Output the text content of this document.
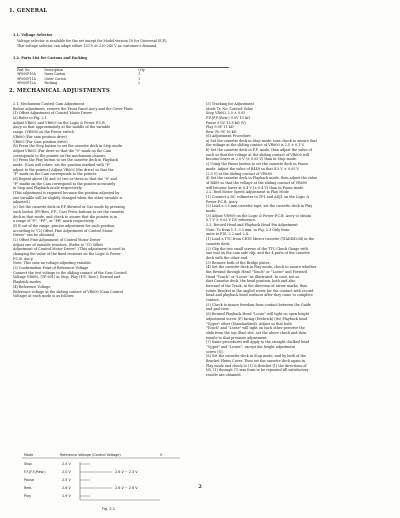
1. GENERAL
1.1. Voltage Selector
Voltage selector is available for the set except for Model version 10 for Universal (E,F).
This voltage selector can adapt either 120 V or 220-240 V as customer's demand.
1.2. Parts List for Cartons and Packing
Part No.	Description	Q'ty
9P000P10A	Inner Carton	1
9P000P11A	Outer Carton	1
9P000P12A	Packing	2
2. MECHANICAL ADJUSTMENTS

2.1. Mechanism Control Cam Adjustment

Before adjustment, remove the Front Panel Ass'y and the Cover Plate.

(1) Offset Adjustment of Control Motor Driver

(a) Refer to Fig. 2.1

Adjust VR602 and VR603 on the Logic & Power P.C.B.

Ass'y so that approximately at the middle of the variable

range. (VR600 on the Power switch.

VR600 (Far cam position drive)

VR603 (Far Cam position drive)

(b) Press the Stop button to set the cassette deck in Stop mode.

Adjust VR603 (Far drive so that the "0" mark on the Cam

corresponds to the pointer on the mechanism chassis.

(c) Press the Play button to set the cassette deck in Playback

mode. (Cam will rotate, set the position marked with "P"

adjust to the pointer.) Adjust VR602 (Far drive) so that the

"P" mark on the Cam corresponds to the pointer.

(d) Repeat above (b) and (c) two or three so that the "0" and

"P" marks on the Cam correspond to the pointer accurately

in Stop and Playback mode respectively.

(This adjustment is required because the position adjusted by

one variable will be slightly changed when the other variable is

adjusted.)

(e) Set the cassette deck in F.F./Rewind or Cue mode by pressing

each button (FF/Rew, F.F., Cue) Press buttons to set the cassette

deck in that mode, and check to assure that the pointer is in

a range of "F", "FF", or "FR" mark respectively.

(f) If out of the range, precise adjustment for each position,

according to "(2) Offset Fine Adjustment of Control Motor

Driver" can be obtained.

(2) Offset Fine Adjustment of Control Motor Driver

Adjust one of variable resistors. (Refer to "(1) Offset

Adjustment of Control Motor Driver".) This adjustment is used to

changing the value of the fixed resistors on the Logic & Power

P.C.B. Ass'y.

Note: This case no voltage adjusting variable.

(3) Confirmation Point of Reference Voltage

Connect the test voltage to the sliding contact of the Cam Control

Voltage VR600, (TP 601) in Stop, Play (F.F., Rew.), Rewind and

Playback modes.

(4) Reference Voltage

Reference voltage at the sliding contact of VR600 (Cam Control

Voltage) at each mode is as follows:

(5) Tracking for Adjustment

Mode Tr. No. Control Value

Stop VR602 2.5 ± 0.05

F.F.(F.F./Rew.) 9.0V 13 kΩ

Pause 9.0V 13.8 kΩ (V)

Play 9.0V 11 kΩ

Rew. Fo 9V 10 kΩ

(6) Adjustment Procedure

a) Set the cassette deck in Stop mode, turn check to ensure that

the voltage at the sliding contact of VR600 is 2.5 ± 0.1 V.

b) Set the cassette deck in F.F. mode, then adjust the value of

each so that the voltage at the sliding contact of VR600 will

become lower at 2.0 V (± 0.05 V) than in Stop mode.

c) Using the Pause button to set the cassette deck in Pause

mode. Adjust the value of R449 so that 4.5 V ± 0.05 V

(2.5 V) at the sliding contact of VR600.

d) Set the cassette deck in Playback mode, then adjust the value

of R469 so that the voltage at the sliding contact of VR600

will become lower at 0.4 V (± 0.4 V) than in Pause mode.

2.2. Reel Motor Speed Adjustment in Play Mode

(1) Connect a DC voltmeter to TP1 and ADJ1 on the Logic &

Power P.C.B. Ass'y.

(2) Load a 3.5 mm cassette tape, set the cassette deck in Play

mode.

(3) Adjust VR909 on the Logic & Power P.C.B. Ass'y to obtain

0.7 V ± 0.02 V DC reference.

2.3. Record Head and Playback Head Pin Adjustment

Note: To from 1.1. 3.5 mm. to Fig. 2.3 Only from

units to FIG. 2.2 and 2.4.

(1) Load a TTC from CRTS Mirror cassette (TIADIM204) in the

cassette deck.

(2) Clip the two small screws of the TTC Check Gauge with

one end on the cam side clip, and the 4 parts of the cassette

deck with the other end.

(3) Remove both of the Bridge plates.

(4) Set the cassette deck in Play mode, check to assure whether

the Rewind through Head "Touch" or "Loose" and Forward

Head "Touch" or "Loose" as illustrated. In case, not so

that Cassette deck, the head position, both and also

forward of the Track, in the direction of arrow marks, then

rotate Bracket in the angled screw for the contact with record

head and playback head surfaces after they come to complete

contact.

(5) Check to insure freedom from contact between the Guide

and pad view.

(6) Rewind Playback Head "Loose" will tight on open height

adjustment screw (F) facing (Drehrich) (its) Playback head

"Upper" other (Standardized). Adjust so that both

"Touch" and "Loose" will tight on each other perceive the

slide from the top (Bar) slot, set the above check and then

tensile to that pressure adjustment.

(7) Same procedures will apply to the straight chalked head

"Upper" and "Lower", except the height adjustment

screw (G).

(8) Set the cassette deck in Stop mode, and by both of the

Bracket Plates Cover. Then set the cassette deck again in

Play mode and check to (1) & Bracket (1) the directions of

(d), (1) through (7) was form to be repeated till satisfactory

results are obtained.

Mode	Reference Voltage (Control Voltage)	V
Stop	2.5 V
F.F.(F.F./Rew.)	2.0 V	2.6 V ~ 2.3 V
Pause	2.5 V
Rew.	2.6 V	2.6 V ~ 2.6 V
Play	1.9 V
Fig. 2.1
2
